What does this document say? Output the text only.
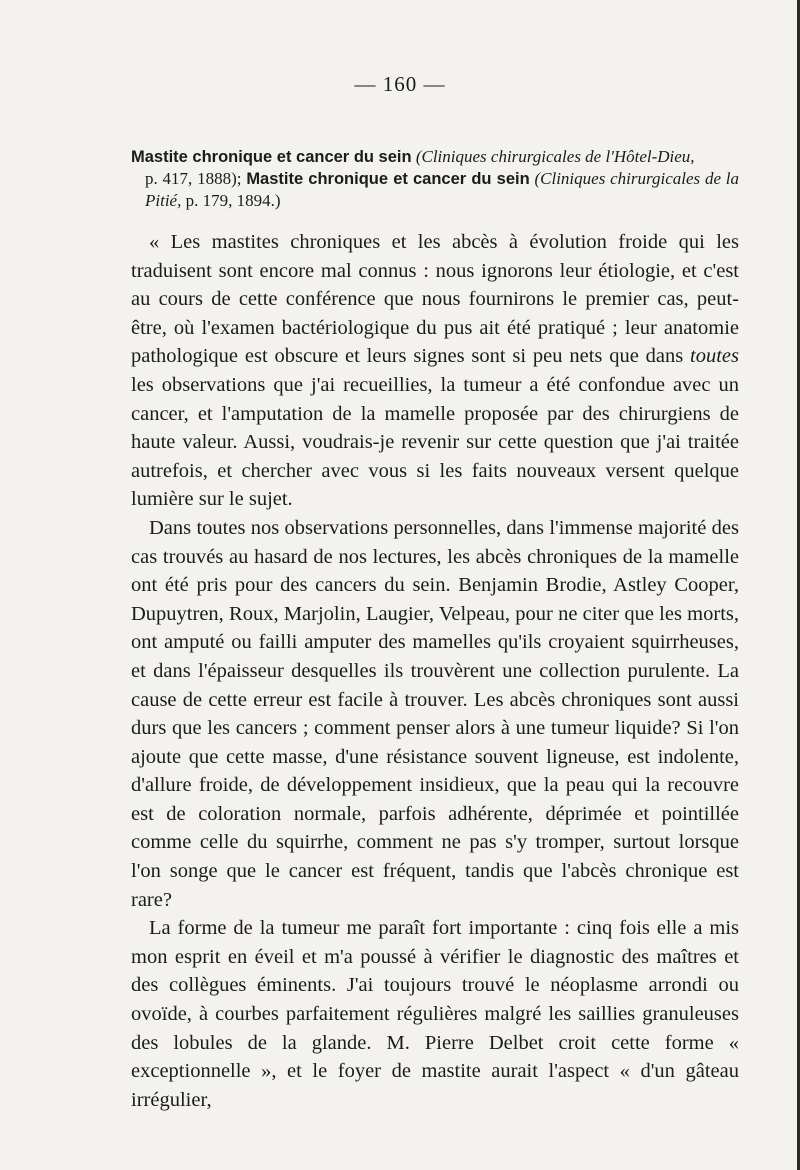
— 160 —
Mastite chronique et cancer du sein (Cliniques chirurgicales de l'Hôtel-Dieu,
p. 417, 1888); Mastite chronique et cancer du sein (Cliniques chirurgicales de la Pitié, p. 179, 1894.)

« Les mastites chroniques et les abcès à évolution froide qui les traduisent sont encore mal connus : nous ignorons leur étiologie, et c'est au cours de cette conférence que nous fournirons le premier cas, peut-être, où l'examen bactériologique du pus ait été pratiqué ; leur anatomie pathologique est obscure et leurs signes sont si peu nets que dans toutes les observations que j'ai recueillies, la tumeur a été confondue avec un cancer, et l'amputation de la mamelle proposée par des chirurgiens de haute valeur. Aussi, voudrais-je revenir sur cette question que j'ai traitée autrefois, et chercher avec vous si les faits nouveaux versent quelque lumière sur le sujet.

Dans toutes nos observations personnelles, dans l'immense majorité des cas trouvés au hasard de nos lectures, les abcès chroniques de la mamelle ont été pris pour des cancers du sein. Benjamin Brodie, Astley Cooper, Dupuytren, Roux, Marjolin, Laugier, Velpeau, pour ne citer que les morts, ont amputé ou failli amputer des mamelles qu'ils croyaient squirrheuses, et dans l'épaisseur desquelles ils trouvèrent une collection purulente. La cause de cette erreur est facile à trouver. Les abcès chroniques sont aussi durs que les cancers ; comment penser alors à une tumeur liquide? Si l'on ajoute que cette masse, d'une résistance souvent ligneuse, est indolente, d'allure froide, de développement insidieux, que la peau qui la recouvre est de coloration normale, parfois adhérente, déprimée et pointillée comme celle du squirrhe, comment ne pas s'y tromper, surtout lorsque l'on songe que le cancer est fréquent, tandis que l'abcès chronique est rare?

La forme de la tumeur me paraît fort importante : cinq fois elle a mis mon esprit en éveil et m'a poussé à vérifier le diagnostic des maîtres et des collègues éminents. J'ai toujours trouvé le néoplasme arrondi ou ovoïde, à courbes parfaitement régulières malgré les saillies granuleuses des lobules de la glande. M. Pierre Delbet croit cette forme « exceptionnelle », et le foyer de mastite aurait l'aspect « d'un gâteau irrégulier,
